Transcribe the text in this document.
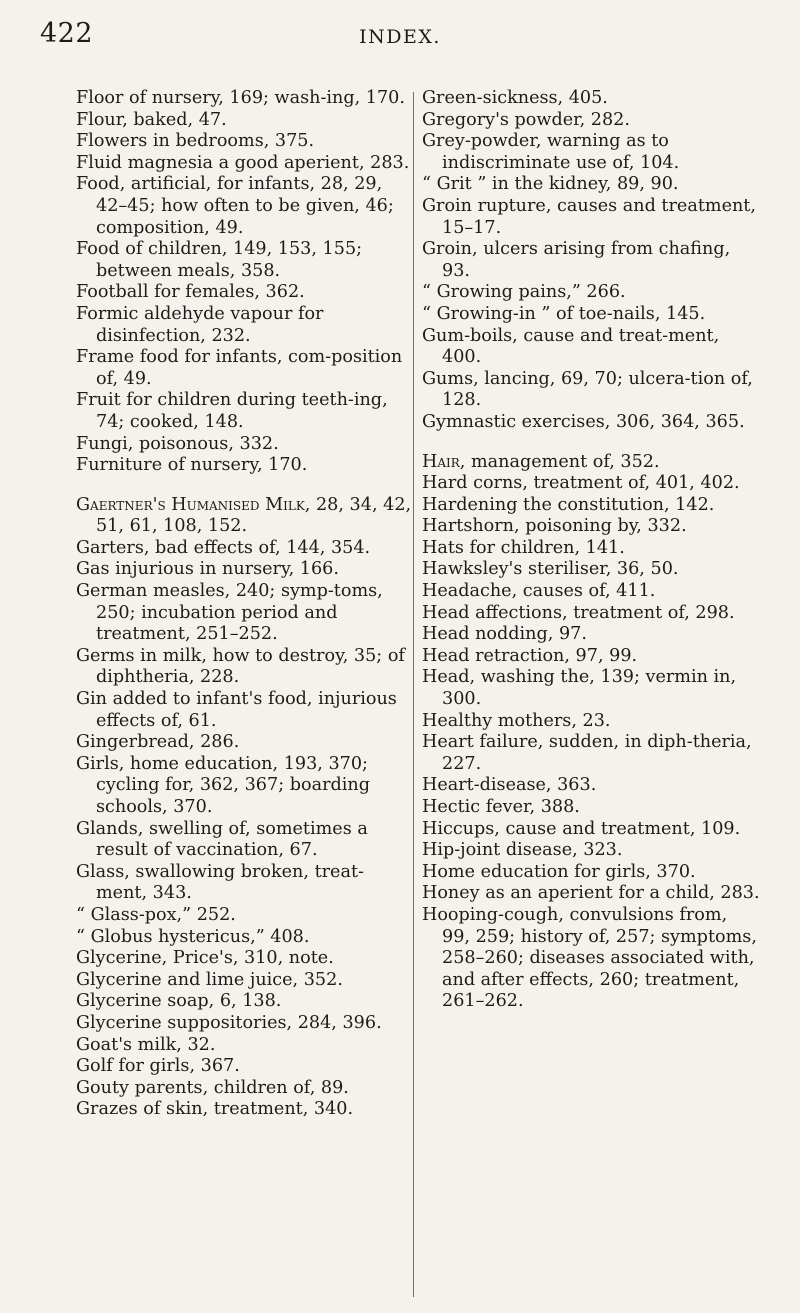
422	INDEX.

Floor of nursery, 169; wash-ing, 170.

Flour, baked, 47.

Flowers in bedrooms, 375.

Fluid magnesia a good aperient, 283.

Food, artificial, for infants, 28, 29, 42–45; how often to be given, 46; composition, 49.

Food of children, 149, 153, 155; between meals, 358.

Football for females, 362.

Formic aldehyde vapour for disinfection, 232.

Frame food for infants, com-position of, 49.

Fruit for children during teeth-ing, 74; cooked, 148.

Fungi, poisonous, 332.

Furniture of nursery, 170.

Gaertner's Humanised Milk, 28, 34, 42, 51, 61, 108, 152.

Garters, bad effects of, 144, 354.

Gas injurious in nursery, 166.

German measles, 240; symp-toms, 250; incubation period and treatment, 251–252.

Germs in milk, how to destroy, 35; of diphtheria, 228.

Gin added to infant's food, injurious effects of, 61.

Gingerbread, 286.

Girls, home education, 193, 370; cycling for, 362, 367; boarding schools, 370.

Glands, swelling of, sometimes a result of vaccination, 67.

Glass, swallowing broken, treat-ment, 343.

“ Glass-pox,” 252.

“ Globus hystericus,” 408.

Glycerine, Price's, 310, note.

Glycerine and lime juice, 352.

Glycerine soap, 6, 138.

Glycerine suppositories, 284, 396.

Goat's milk, 32.

Golf for girls, 367.

Gouty parents, children of, 89.

Grazes of skin, treatment, 340.

Green-sickness, 405.

Gregory's powder, 282.

Grey-powder, warning as to indiscriminate use of, 104.

“ Grit ” in the kidney, 89, 90.

Groin rupture, causes and treatment, 15–17.

Groin, ulcers arising from chafing, 93.

“ Growing pains,” 266.

“ Growing-in ” of toe-nails, 145.

Gum-boils, cause and treat-ment, 400.

Gums, lancing, 69, 70; ulcera-tion of, 128.

Gymnastic exercises, 306, 364, 365.

Hair, management of, 352.

Hard corns, treatment of, 401, 402.

Hardening the constitution, 142.

Hartshorn, poisoning by, 332.

Hats for children, 141.

Hawksley's steriliser, 36, 50.

Headache, causes of, 411.

Head affections, treatment of, 298.

Head nodding, 97.

Head retraction, 97, 99.

Head, washing the, 139; vermin in, 300.

Healthy mothers, 23.

Heart failure, sudden, in diph-theria, 227.

Heart-disease, 363.

Hectic fever, 388.

Hiccups, cause and treatment, 109.

Hip-joint disease, 323.

Home education for girls, 370.

Honey as an aperient for a child, 283.

Hooping-cough, convulsions from, 99, 259; history of, 257; symptoms, 258–260; diseases associated with, and after effects, 260; treatment, 261–262.
